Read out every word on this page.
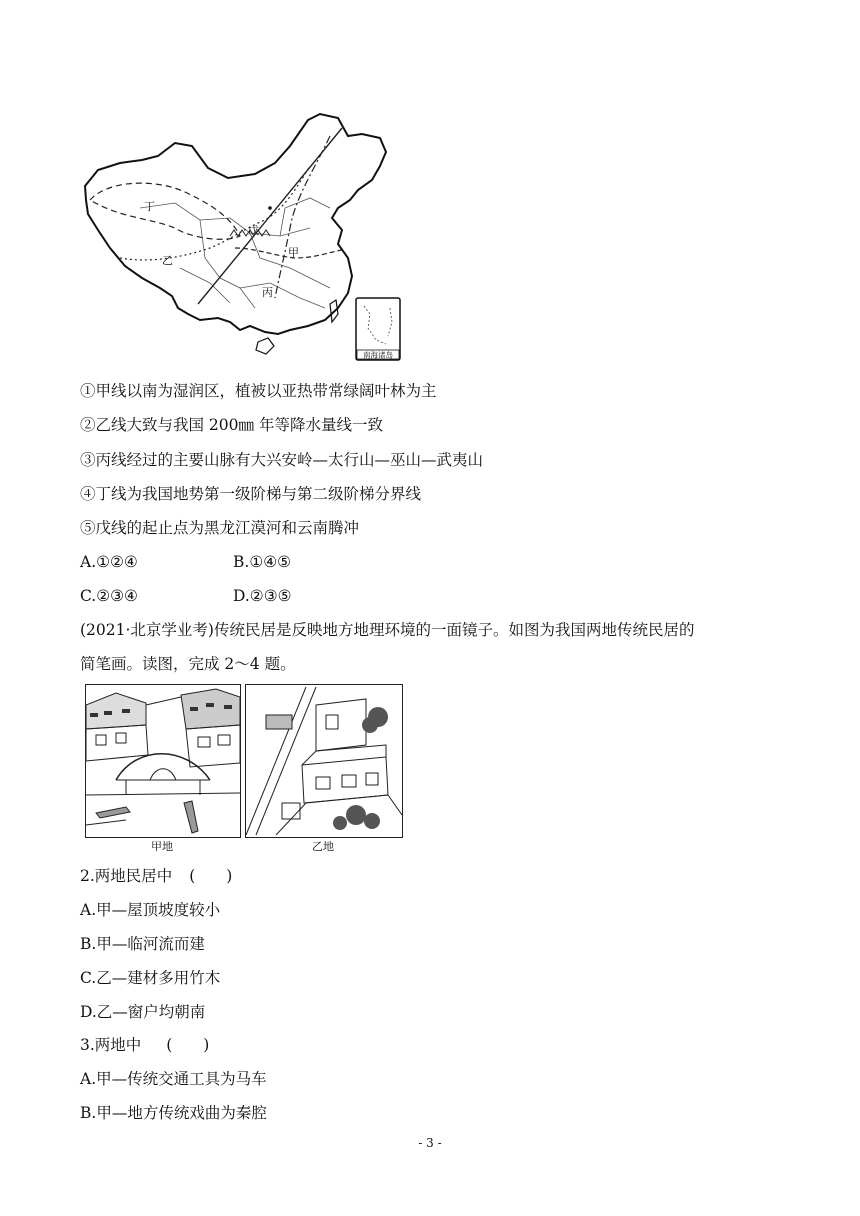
丁
乙
戊
甲
丙
南海诸岛
①甲线以南为湿润区，植被以亚热带常绿阔叶林为主
②乙线大致与我国 200㎜ 年等降水量线一致
③丙线经过的主要山脉有大兴安岭—太行山—巫山—武夷山
④丁线为我国地势第一级阶梯与第二级阶梯分界线
⑤戊线的起止点为黑龙江漠河和云南腾冲
A.①②④	B.①④⑤
C.②③④	D.②③⑤
(2021·北京学业考)传统民居是反映地方地理环境的一面镜子。如图为我国两地传统民居的
简笔画。读图，完成 2～4 题。
甲地	乙地
2.两地民居中 (　　)
A.甲—屋顶坡度较小
B.甲—临河流而建
C.乙—建材多用竹木
D.乙—窗户均朝南
3.两地中 (　　)
A.甲—传统交通工具为马车
B.甲—地方传统戏曲为秦腔
- 3 -
